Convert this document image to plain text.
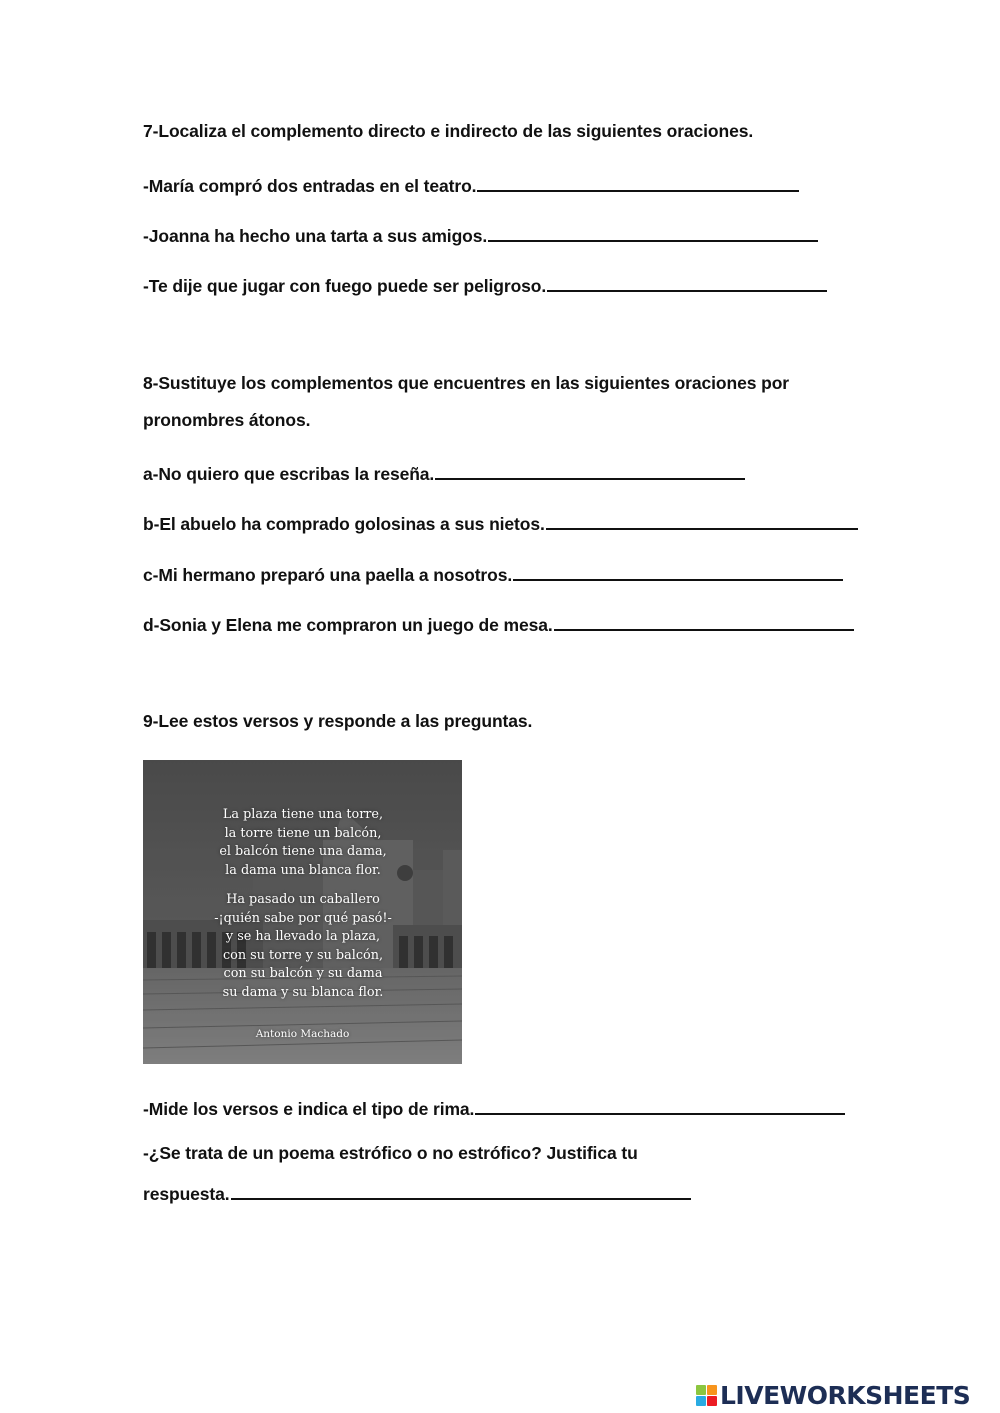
7-Localiza el complemento directo e indirecto de las siguientes oraciones.

-María compró dos entradas en el teatro.

-Joanna ha hecho una tarta a sus amigos.

-Te dije que jugar con fuego puede ser peligroso.

8-Sustituye los complementos que encuentres en las siguientes oraciones por

pronombres átonos.

a-No quiero que escribas la reseña.

b-El abuelo ha comprado golosinas a sus nietos.

c-Mi hermano preparó una paella a nosotros.

d-Sonia y Elena me compraron un juego de mesa.

9-Lee estos versos y responde a las preguntas.

La plaza tiene una torre,
la torre tiene un balcón,
el balcón tiene una dama,
la dama una blanca flor.
Ha pasado un caballero
-¡quién sabe por qué pasó!-
y se ha llevado la plaza,
con su torre y su balcón,
con su balcón y su dama
su dama y su blanca flor.
Antonio Machado

-Mide los versos e indica el tipo de rima.

-¿Se trata de un poema estrófico o no estrófico? Justifica tu

respuesta.

LIVEWORKSHEETS
